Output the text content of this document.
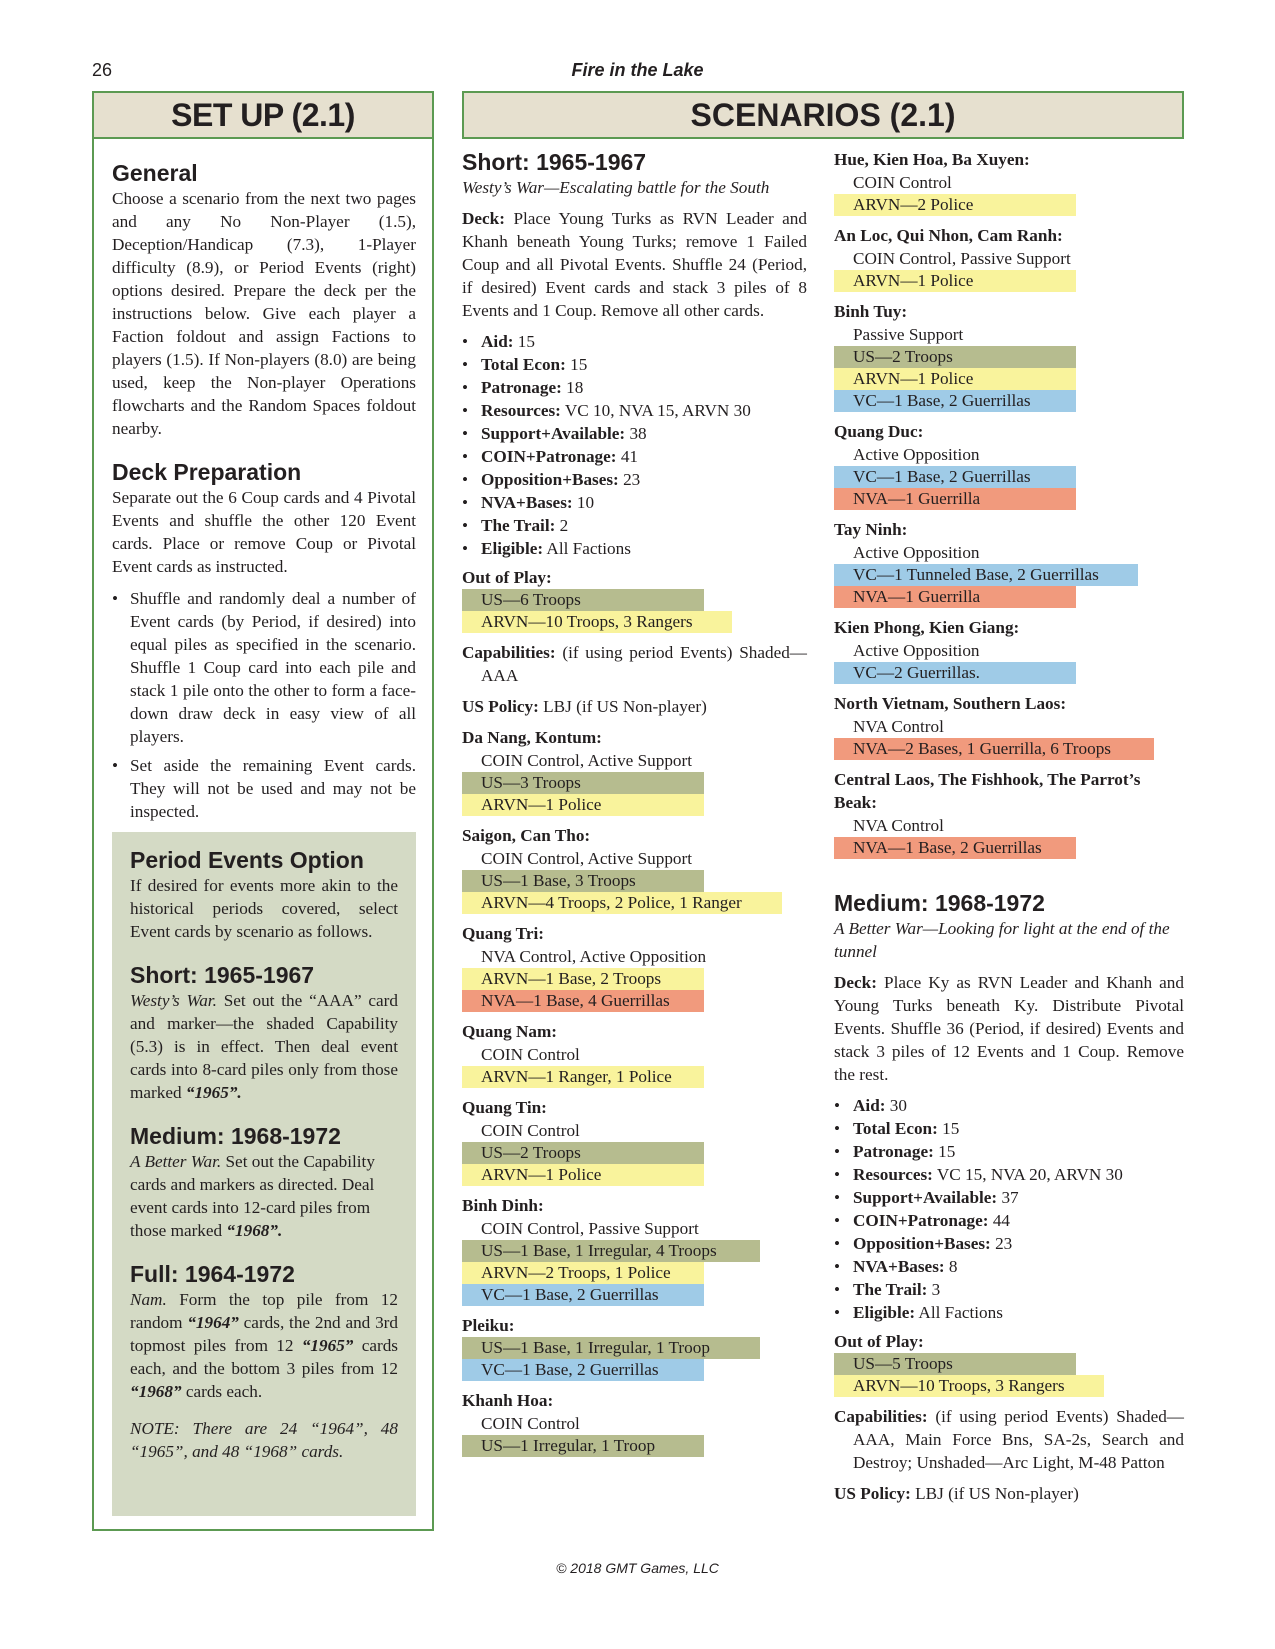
26	Fire in the Lake
SET UP (2.1)
General

Choose a scenario from the next two pages and any No Non-Player (1.5), Deception/Handicap (7.3), 1-Player difficulty (8.9), or Period Events (right) options desired. Prepare the deck per the instructions below. Give each player a Faction foldout and assign Factions to players (1.5). If Non-players (8.0) are being used, keep the Non-player Operations flowcharts and the Random Spaces foldout nearby.

Deck Preparation

Separate out the 6 Coup cards and 4 Pivotal Events and shuffle the other 120 Event cards. Place or remove Coup or Pivotal Event cards as instructed.

• Shuffle and randomly deal a number of Event cards (by Period, if desired) into equal piles as specified in the scenario. Shuffle 1 Coup card into each pile and stack 1 pile onto the other to form a face-down draw deck in easy view of all players.
• Set aside the remaining Event cards. They will not be used and may not be inspected.
Period Events Option

If desired for events more akin to the historical periods covered, select Event cards by scenario as follows.

Short: 1965-1967

Westy’s War. Set out the “AAA” card and marker—the shaded Capability (5.3) is in effect. Then deal event cards into 8-card piles only from those marked “1965”.

Medium: 1968-1972

A Better War. Set out the Capability cards and markers as directed. Deal event cards into 12-card piles from those marked “1968”.

Full: 1964-1972

Nam. Form the top pile from 12 random “1964” cards, the 2nd and 3rd topmost piles from 12 “1965” cards each, and the bottom 3 piles from 12 “1968” cards each.

NOTE: There are 24 “1964”, 48 “1965”, and 48 “1968” cards.

SCENARIOS (2.1)
Short: 1965-1967
Westy’s War—Escalating battle for the South

Deck: Place Young Turks as RVN Leader and Khanh beneath Young Turks; remove 1 Failed Coup and all Pivotal Events. Shuffle 24 (Period, if desired) Event cards and stack 3 piles of 8 Events and 1 Coup. Remove all other cards.

• Aid: 15
• Total Econ: 15
• Patronage: 18
• Resources: VC 10, NVA 15, ARVN 30
• Support+Available: 38
• COIN+Patronage: 41
• Opposition+Bases: 23
• NVA+Bases: 10
• The Trail: 2
• Eligible: All Factions
Out of Play:
US—6 Troops
ARVN—10 Troops, 3 Rangers
Capabilities: (if using period Events) Shaded—AAA
US Policy: LBJ (if US Non-player)
Da Nang, Kontum:
COIN Control, Active Support
US—3 Troops
ARVN—1 Police
Saigon, Can Tho:
COIN Control, Active Support
US—1 Base, 3 Troops
ARVN—4 Troops, 2 Police, 1 Ranger
Quang Tri:
NVA Control, Active Opposition
ARVN—1 Base, 2 Troops
NVA—1 Base, 4 Guerrillas
Quang Nam:
COIN Control
ARVN—1 Ranger, 1 Police
Quang Tin:
COIN Control
US—2 Troops
ARVN—1 Police
Binh Dinh:
COIN Control, Passive Support
US—1 Base, 1 Irregular, 4 Troops
ARVN—2 Troops, 1 Police
VC—1 Base, 2 Guerrillas
Pleiku:
US—1 Base, 1 Irregular, 1 Troop
VC—1 Base, 2 Guerrillas
Khanh Hoa:
COIN Control
US—1 Irregular, 1 Troop
Hue, Kien Hoa, Ba Xuyen:
COIN Control
ARVN—2 Police
An Loc, Qui Nhon, Cam Ranh:
COIN Control, Passive Support
ARVN—1 Police
Binh Tuy:
Passive Support
US—2 Troops
ARVN—1 Police
VC—1 Base, 2 Guerrillas
Quang Duc:
Active Opposition
VC—1 Base, 2 Guerrillas
NVA—1 Guerrilla
Tay Ninh:
Active Opposition
VC—1 Tunneled Base, 2 Guerrillas
NVA—1 Guerrilla
Kien Phong, Kien Giang:
Active Opposition
VC—2 Guerrillas.
North Vietnam, Southern Laos:
NVA Control
NVA—2 Bases, 1 Guerrilla, 6 Troops
Central Laos, The Fishhook, The Parrot’s Beak:
NVA Control
NVA—1 Base, 2 Guerrillas
Medium: 1968-1972
A Better War—Looking for light at the end of the tunnel

Deck: Place Ky as RVN Leader and Khanh and Young Turks beneath Ky. Distribute Pivotal Events. Shuffle 36 (Period, if desired) Events and stack 3 piles of 12 Events and 1 Coup. Remove the rest.

• Aid: 30
• Total Econ: 15
• Patronage: 15
• Resources: VC 15, NVA 20, ARVN 30
• Support+Available: 37
• COIN+Patronage: 44
• Opposition+Bases: 23
• NVA+Bases: 8
• The Trail: 3
• Eligible: All Factions
Out of Play:
US—5 Troops
ARVN—10 Troops, 3 Rangers
Capabilities: (if using period Events) Shaded—AAA, Main Force Bns, SA-2s, Search and Destroy; Unshaded—Arc Light, M-48 Patton
US Policy: LBJ (if US Non-player)
© 2018 GMT Games, LLC
